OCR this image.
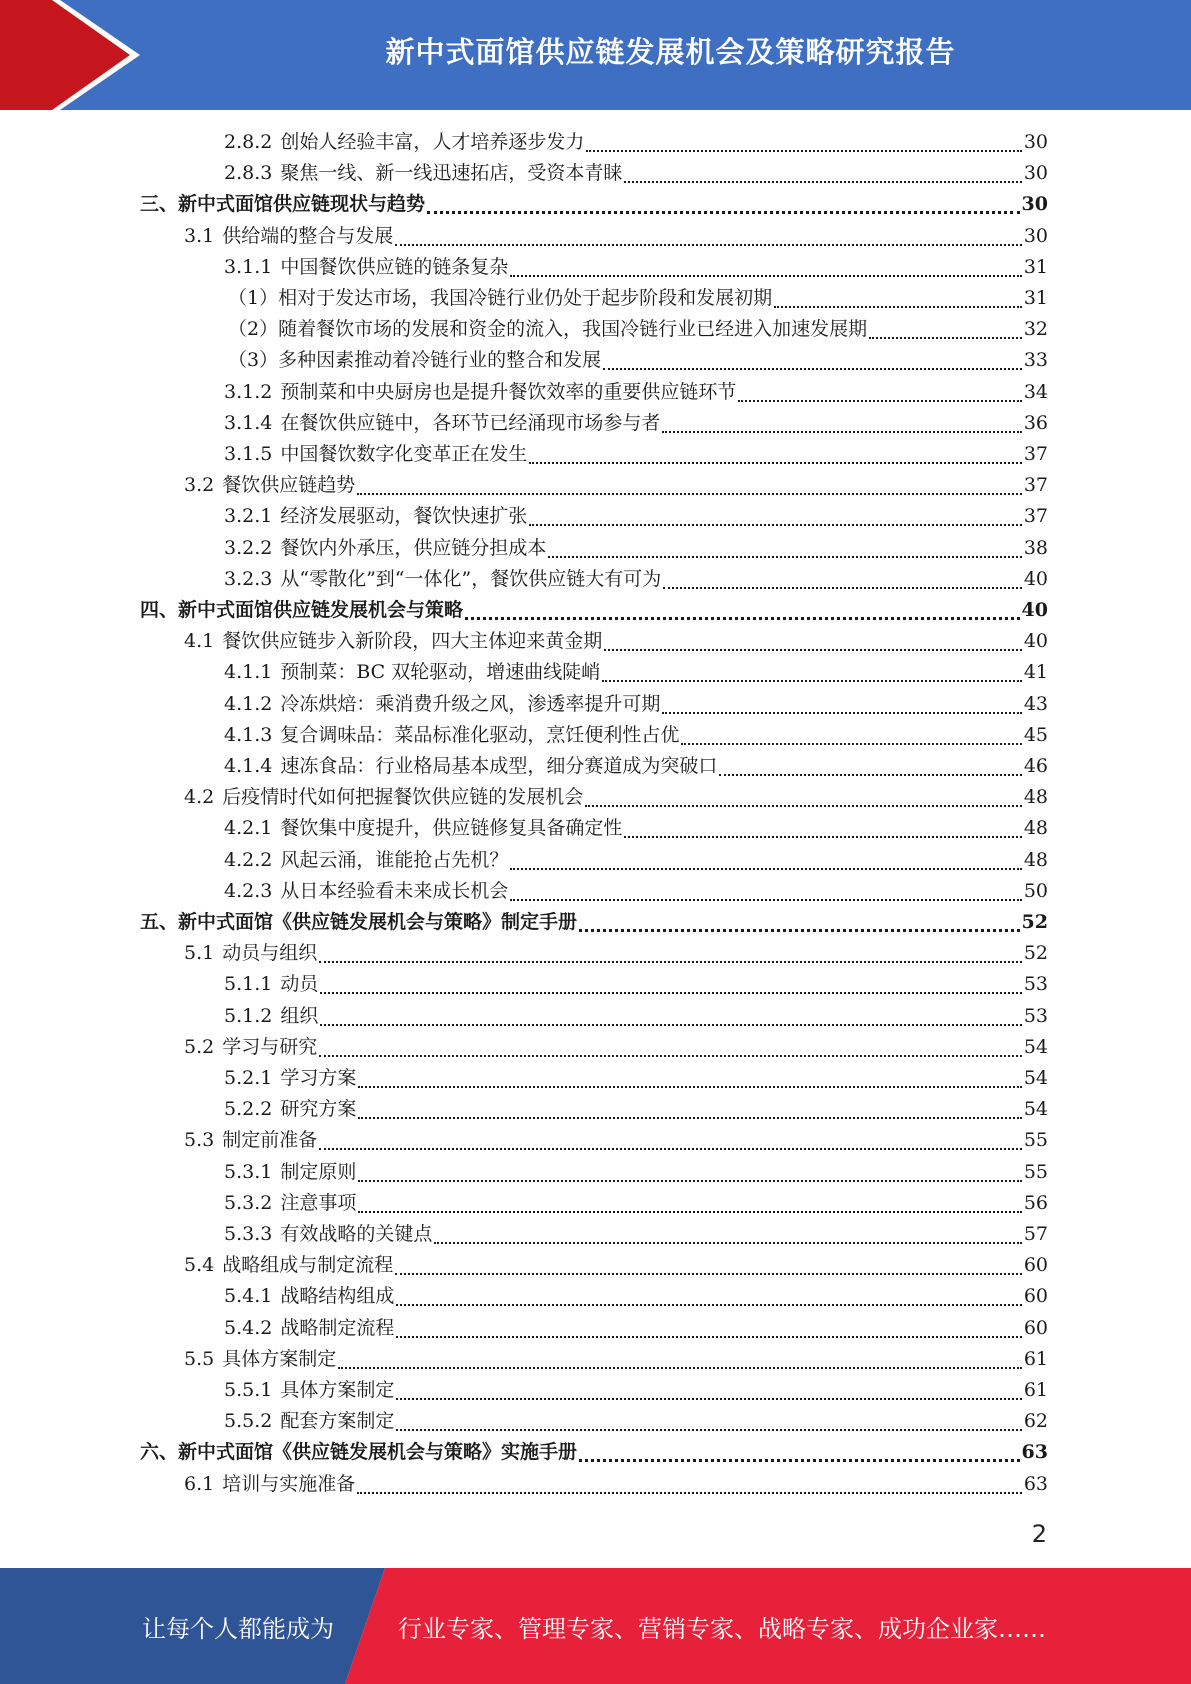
新中式面馆供应链发展机会及策略研究报告
2.8.2 创始人经验丰富，人才培养逐步发力	30
2.8.3 聚焦一线、新一线迅速拓店，受资本青睐	30
三、新中式面馆供应链现状与趋势	30
3.1 供给端的整合与发展	30
3.1.1 中国餐饮供应链的链条复杂	31
（1）相对于发达市场，我国冷链行业仍处于起步阶段和发展初期	31
（2）随着餐饮市场的发展和资金的流入，我国冷链行业已经进入加速发展期	32
（3）多种因素推动着冷链行业的整合和发展	33
3.1.2 预制菜和中央厨房也是提升餐饮效率的重要供应链环节	34
3.1.4 在餐饮供应链中，各环节已经涌现市场参与者	36
3.1.5 中国餐饮数字化变革正在发生	37
3.2 餐饮供应链趋势	37
3.2.1 经济发展驱动，餐饮快速扩张	37
3.2.2 餐饮内外承压，供应链分担成本	38
3.2.3 从“零散化”到“一体化”，餐饮供应链大有可为	40
四、新中式面馆供应链发展机会与策略	40
4.1 餐饮供应链步入新阶段，四大主体迎来黄金期	40
4.1.1 预制菜：BC 双轮驱动，增速曲线陡峭	41
4.1.2 冷冻烘焙：乘消费升级之风，渗透率提升可期	43
4.1.3 复合调味品：菜品标准化驱动，烹饪便利性占优	45
4.1.4 速冻食品：行业格局基本成型，细分赛道成为突破口	46
4.2 后疫情时代如何把握餐饮供应链的发展机会	48
4.2.1 餐饮集中度提升，供应链修复具备确定性	48
4.2.2 风起云涌，谁能抢占先机？	48
4.2.3 从日本经验看未来成长机会	50
五、新中式面馆《供应链发展机会与策略》制定手册	52
5.1 动员与组织	52
5.1.1 动员	53
5.1.2 组织	53
5.2 学习与研究	54
5.2.1 学习方案	54
5.2.2 研究方案	54
5.3 制定前准备	55
5.3.1 制定原则	55
5.3.2 注意事项	56
5.3.3 有效战略的关键点	57
5.4 战略组成与制定流程	60
5.4.1 战略结构组成	60
5.4.2 战略制定流程	60
5.5 具体方案制定	61
5.5.1 具体方案制定	61
5.5.2 配套方案制定	62
六、新中式面馆《供应链发展机会与策略》实施手册	63
6.1 培训与实施准备	63
2
让每个人都能成为	行业专家、管理专家、营销专家、战略专家、成功企业家……
